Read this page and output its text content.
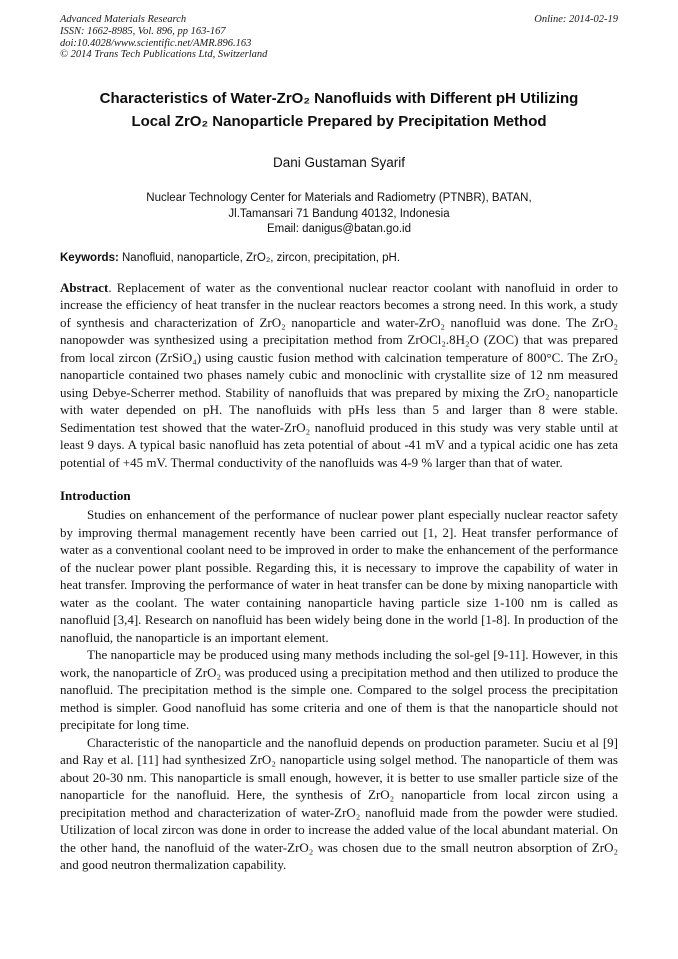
Advanced Materials Research
ISSN: 1662-8985, Vol. 896, pp 163-167
doi:10.4028/www.scientific.net/AMR.896.163
© 2014 Trans Tech Publications Ltd, Switzerland
Online: 2014-02-19
Characteristics of Water-ZrO₂ Nanofluids with Different pH Utilizing
Local ZrO₂ Nanoparticle Prepared by Precipitation Method
Dani Gustaman Syarif
Nuclear Technology Center for Materials and Radiometry (PTNBR), BATAN,
Jl.Tamansari 71 Bandung 40132, Indonesia
Email: danigus@batan.go.id

Keywords: Nanofluid, nanoparticle, ZrO₂, zircon, precipitation, pH.

Abstract. Replacement of water as the conventional nuclear reactor coolant with nanofluid in order to increase the efficiency of heat transfer in the nuclear reactors becomes a strong need. In this work, a study of synthesis and characterization of ZrO₂ nanoparticle and water-ZrO₂ nanofluid was done. The ZrO₂ nanopowder was synthesized using a precipitation method from ZrOCl₂.8H₂O (ZOC) that was prepared from local zircon (ZrSiO₄) using caustic fusion method with calcination temperature of 800°C. The ZrO₂ nanoparticle contained two phases namely cubic and monoclinic with crystallite size of 12 nm measured using Debye-Scherrer method. Stability of nanofluids that was prepared by mixing the ZrO₂ nanoparticle with water depended on pH. The nanofluids with pHs less than 5 and larger than 8 were stable. Sedimentation test showed that the water-ZrO₂ nanofluid produced in this study was very stable until at least 9 days. A typical basic nanofluid has zeta potential of about -41 mV and a typical acidic one has zeta potential of +45 mV. Thermal conductivity of the nanofluids was 4-9 % larger than that of water.

Introduction

Studies on enhancement of the performance of nuclear power plant especially nuclear reactor safety by improving thermal management recently have been carried out [1, 2]. Heat transfer performance of water as a conventional coolant need to be improved in order to make the enhancement of the performance of the nuclear power plant possible. Regarding this, it is necessary to improve the capability of water in heat transfer. Improving the performance of water in heat transfer can be done by mixing nanoparticle with water as the coolant. The water containing nanoparticle having particle size 1-100 nm is called as nanofluid [3,4]. Research on nanofluid has been widely being done in the world [1-8]. In production of the nanofluid, the nanoparticle is an important element.

The nanoparticle may be produced using many methods including the sol-gel [9-11]. However, in this work, the nanoparticle of ZrO₂ was produced using a precipitation method and then utilized to produce the nanofluid. The precipitation method is the simple one. Compared to the solgel process the precipitation method is simpler. Good nanofluid has some criteria and one of them is that the nanoparticle should not precipitate for long time.

Characteristic of the nanoparticle and the nanofluid depends on production parameter. Suciu et al [9] and Ray et al. [11] had synthesized ZrO₂ nanoparticle using solgel method. The nanoparticle of them was about 20-30 nm. This nanoparticle is small enough, however, it is better to use smaller particle size of the nanoparticle for the nanofluid. Here, the synthesis of ZrO₂ nanoparticle from local zircon using a precipitation method and characterization of water-ZrO₂ nanofluid made from the powder were studied. Utilization of local zircon was done in order to increase the added value of the local abundant material. On the other hand, the nanofluid of the water-ZrO₂ was chosen due to the small neutron absorption of ZrO₂ and good neutron thermalization capability.
